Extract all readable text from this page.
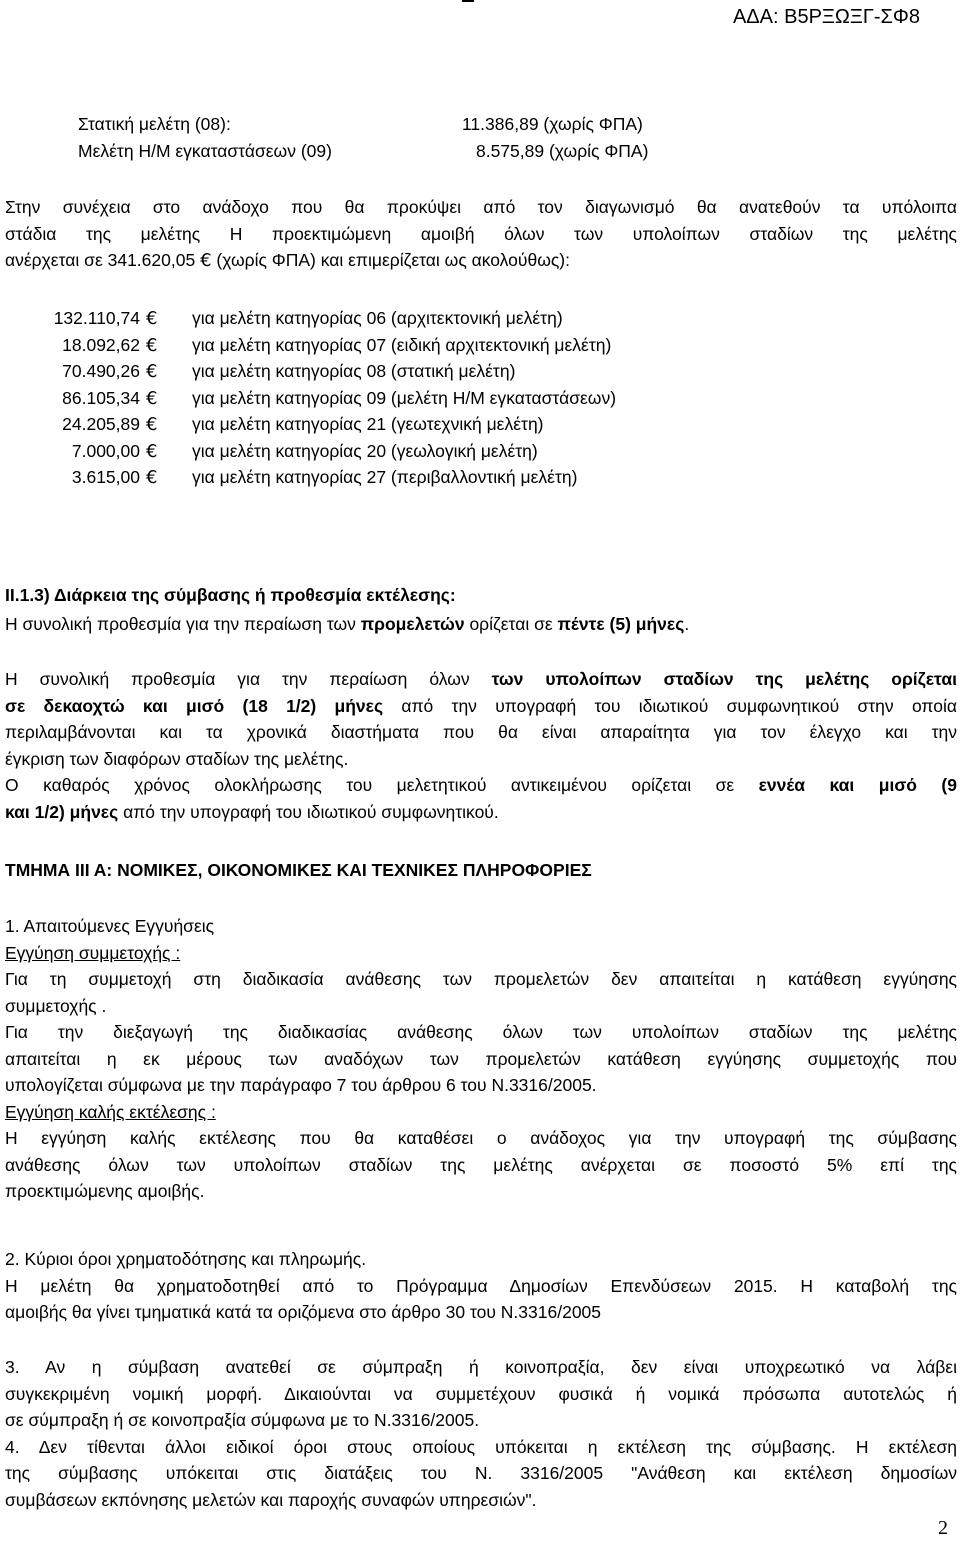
ΑΔΑ: Β5ΡΞΩΞΓ-ΣΦ8
Στατική μελέτη (08):	11.386,89 (χωρίς ΦΠΑ)
Μελέτη Η/Μ εγκαταστάσεων (09)	8.575,89 (χωρίς ΦΠΑ)
Στην συνέχεια στο ανάδοχο που θα προκύψει από τον διαγωνισμό θα ανατεθούν τα υπόλοιπα
στάδια της μελέτης Η προεκτιμώμενη αμοιβή όλων των υπολοίπων σταδίων της μελέτης
ανέρχεται σε 341.620,05 € (χωρίς ΦΠΑ) και επιμερίζεται ως ακολούθως):
132.110,74 € για μελέτη κατηγορίας 06 (αρχιτεκτονική μελέτη)
18.092,62 € για μελέτη κατηγορίας 07 (ειδική αρχιτεκτονική μελέτη)
70.490,26 € για μελέτη κατηγορίας 08 (στατική μελέτη)
86.105,34 € για μελέτη κατηγορίας 09 (μελέτη Η/Μ εγκαταστάσεων)
24.205,89 € για μελέτη κατηγορίας 21 (γεωτεχνική μελέτη)
7.000,00 € για μελέτη κατηγορίας 20 (γεωλογική μελέτη)
3.615,00 € για μελέτη κατηγορίας 27 (περιβαλλοντική μελέτη)
ΙΙ.1.3) Διάρκεια της σύμβασης ή προθεσμία εκτέλεσης:
Η συνολική προθεσμία για την περαίωση των προμελετών ορίζεται σε πέντε (5) μήνες.
Η συνολική προθεσμία για την περαίωση όλων των υπολοίπων σταδίων της μελέτης ορίζεται
σε δεκαοχτώ και μισό (18 1/2) μήνες από την υπογραφή του ιδιωτικού συμφωνητικού στην οποία
περιλαμβάνονται και τα χρονικά διαστήματα που θα είναι απαραίτητα για τον έλεγχο και την
έγκριση των διαφόρων σταδίων της μελέτης.
Ο καθαρός χρόνος ολοκλήρωσης του μελετητικού αντικειμένου ορίζεται σε εννέα και μισό (9
και 1/2) μήνες από την υπογραφή του ιδιωτικού συμφωνητικού.
ΤΜΗΜΑ ΙΙΙ Α: ΝΟΜΙΚΕΣ, ΟΙΚΟΝΟΜΙΚΕΣ ΚΑΙ ΤΕΧΝΙΚΕΣ ΠΛΗΡΟΦΟΡΙΕΣ
1. Απαιτούμενες Εγγυήσεις
Εγγύηση συμμετοχής :
Για τη συμμετοχή στη διαδικασία ανάθεσης των προμελετών δεν απαιτείται η κατάθεση εγγύησης
συμμετοχής .
Για την διεξαγωγή της διαδικασίας ανάθεσης όλων των υπολοίπων σταδίων της μελέτης
απαιτείται η εκ μέρους των αναδόχων των προμελετών κατάθεση εγγύησης συμμετοχής που
υπολογίζεται σύμφωνα με την παράγραφο 7 του άρθρου 6 του Ν.3316/2005.
Εγγύηση καλής εκτέλεσης :
Η εγγύηση καλής εκτέλεσης που θα καταθέσει ο ανάδοχος για την υπογραφή της σύμβασης
ανάθεσης όλων των υπολοίπων σταδίων της μελέτης ανέρχεται σε ποσοστό 5% επί της
προεκτιμώμενης αμοιβής.
2. Κύριοι όροι χρηματοδότησης και πληρωμής.
Η μελέτη θα χρηματοδοτηθεί από το Πρόγραμμα Δημοσίων Επενδύσεων 2015. Η καταβολή της
αμοιβής θα γίνει τμηματικά κατά τα οριζόμενα στο άρθρο 30 του Ν.3316/2005
3. Αν η σύμβαση ανατεθεί σε σύμπραξη ή κοινοπραξία, δεν είναι υποχρεωτικό να λάβει
συγκεκριμένη νομική μορφή. Δικαιούνται να συμμετέχουν φυσικά ή νομικά πρόσωπα αυτοτελώς ή
σε σύμπραξη ή σε κοινοπραξία σύμφωνα με το Ν.3316/2005.
4. Δεν τίθενται άλλοι ειδικοί όροι στους οποίους υπόκειται η εκτέλεση της σύμβασης. Η εκτέλεση
της σύμβασης υπόκειται στις διατάξεις του Ν. 3316/2005 "Ανάθεση και εκτέλεση δημοσίων
συμβάσεων εκπόνησης μελετών και παροχής συναφών υπηρεσιών".
2
